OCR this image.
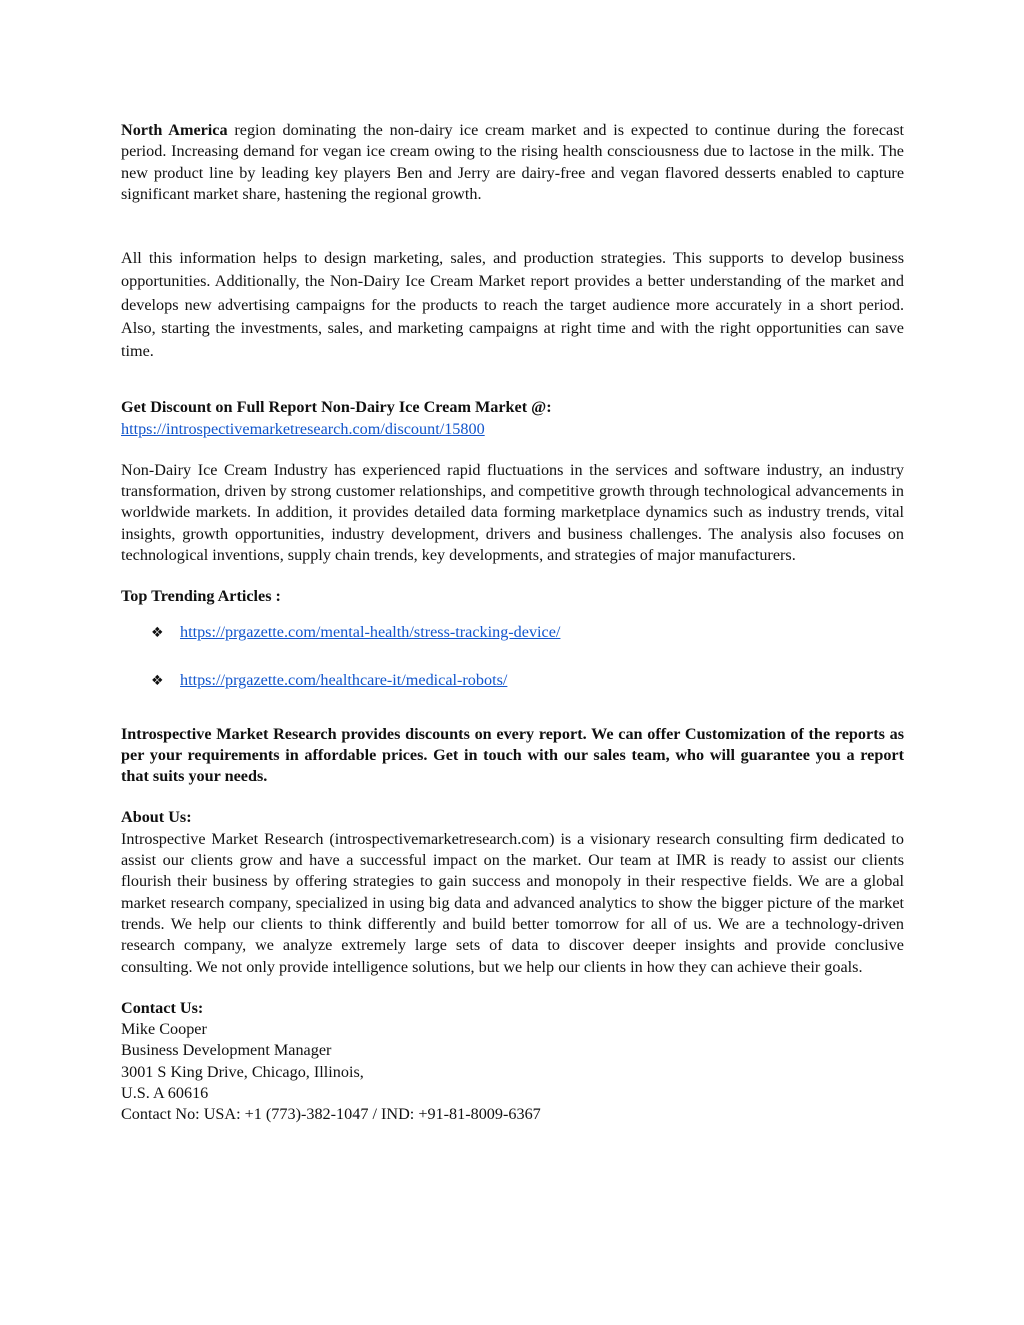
North America region dominating the non-dairy ice cream market and is expected to continue during the forecast period. Increasing demand for vegan ice cream owing to the rising health consciousness due to lactose in the milk. The new product line by leading key players Ben and Jerry are dairy-free and vegan flavored desserts enabled to capture significant market share, hastening the regional growth.

All this information helps to design marketing, sales, and production strategies. This supports to develop business opportunities. Additionally, the Non-Dairy Ice Cream Market report provides a better understanding of the market and develops new advertising campaigns for the products to reach the target audience more accurately in a short period. Also, starting the investments, sales, and marketing campaigns at right time and with the right opportunities can save time.

Get Discount on Full Report Non-Dairy Ice Cream Market @:

https://introspectivemarketresearch.com/discount/15800

Non-Dairy Ice Cream Industry has experienced rapid fluctuations in the services and software industry, an industry transformation, driven by strong customer relationships, and competitive growth through technological advancements in worldwide markets. In addition, it provides detailed data forming marketplace dynamics such as industry trends, vital insights, growth opportunities, industry development, drivers and business challenges. The analysis also focuses on technological inventions, supply chain trends, key developments, and strategies of major manufacturers.

Top Trending Articles :

❖ https://prgazette.com/mental-health/stress-tracking-device/
❖ https://prgazette.com/healthcare-it/medical-robots/

Introspective Market Research provides discounts on every report. We can offer Customization of the reports as per your requirements in affordable prices. Get in touch with our sales team, who will guarantee you a report that suits your needs.

About Us:

Introspective Market Research (introspectivemarketresearch.com) is a visionary research consulting firm dedicated to assist our clients grow and have a successful impact on the market. Our team at IMR is ready to assist our clients flourish their business by offering strategies to gain success and monopoly in their respective fields. We are a global market research company, specialized in using big data and advanced analytics to show the bigger picture of the market trends. We help our clients to think differently and build better tomorrow for all of us. We are a technology-driven research company, we analyze extremely large sets of data to discover deeper insights and provide conclusive consulting. We not only provide intelligence solutions, but we help our clients in how they can achieve their goals.

Contact Us:

Mike Cooper

Business Development Manager

3001 S King Drive, Chicago, Illinois,

U.S. A 60616

Contact No: USA: +1 (773)-382-1047 / IND: +91-81-8009-6367
